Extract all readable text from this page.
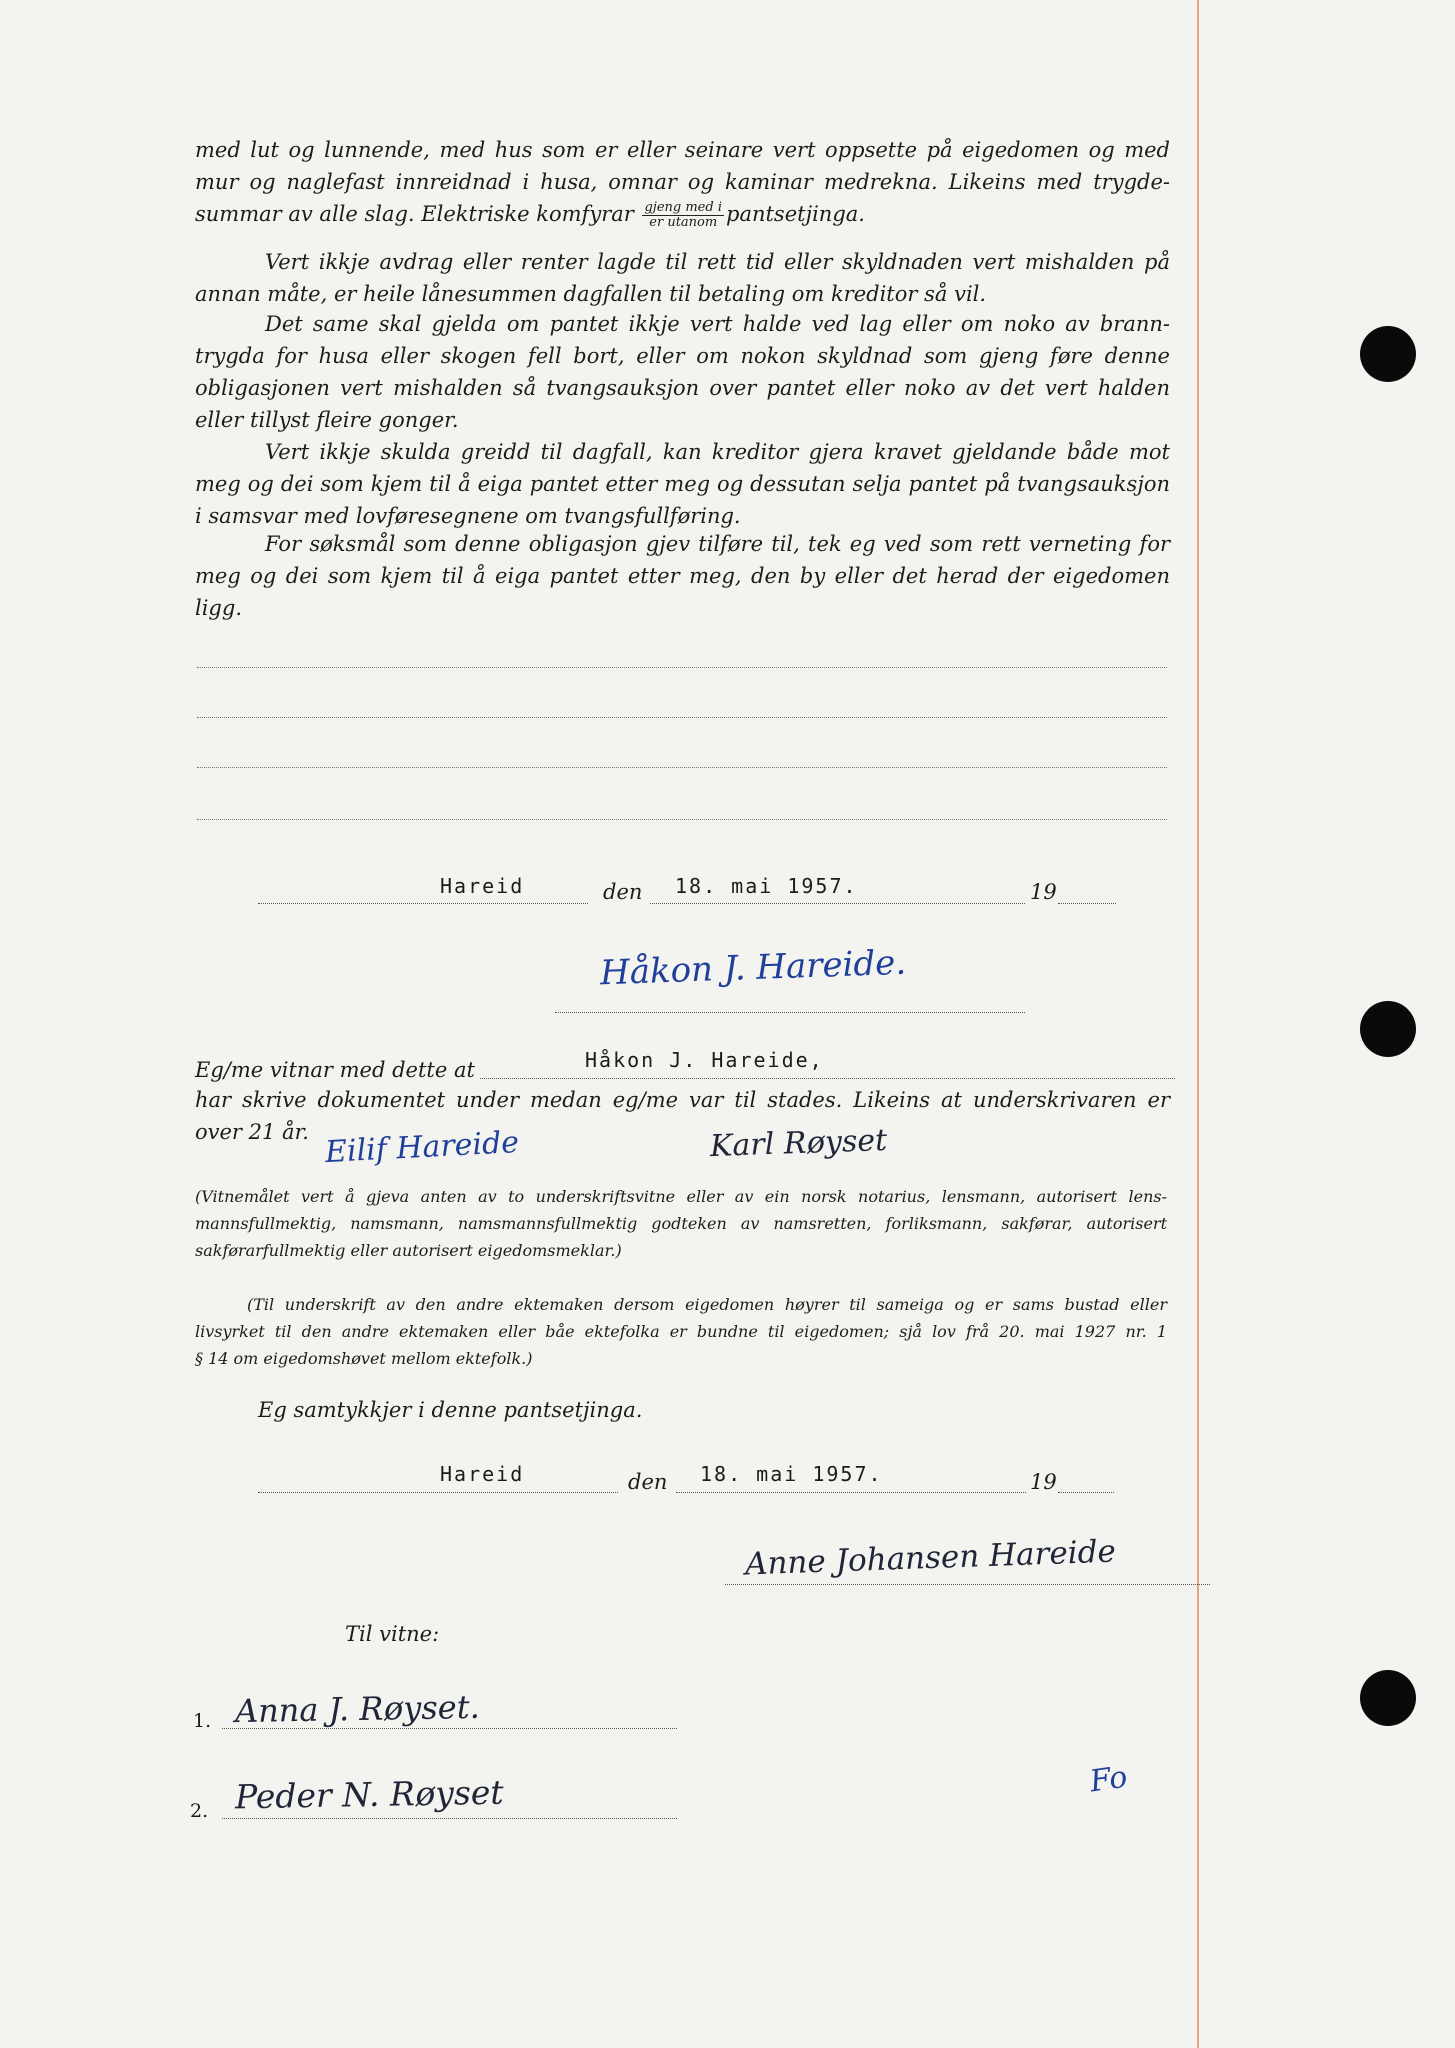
med lut og lunnende, med hus som er eller seinare vert oppsette på eigedomen og med
mur og naglefast innreidnad i husa, omnar og kaminar medrekna. Likeins med trygde-
summar av alle slag. Elektriske komfyrar $\frac{\text{gjeng med i}}{\text{er utanom}}$ pantsetjinga.
Vert ikkje avdrag eller renter lagde til rett tid eller skyldnaden vert mishalden på
annan måte, er heile lånesummen dagfallen til betaling om kreditor så vil.
Det same skal gjelda om pantet ikkje vert halde ved lag eller om noko av brann-
trygda for husa eller skogen fell bort, eller om nokon skyldnad som gjeng føre denne
obligasjonen vert mishalden så tvangsauksjon over pantet eller noko av det vert halden
eller tillyst fleire gonger.
Vert ikkje skulda greidd til dagfall, kan kreditor gjera kravet gjeldande både mot
meg og dei som kjem til å eiga pantet etter meg og dessutan selja pantet på tvangsauksjon
i samsvar med lovføresegnene om tvangsfullføring.
For søksmål som denne obligasjon gjev tilføre til, tek eg ved som rett verneting for
meg og dei som kjem til å eiga pantet etter meg, den by eller det herad der eigedomen
ligg.
Hareid	den 18. mai 1957.	19
Håkon J. Hareide.
Eg/me vitnar med dette at	Håkon J. Hareide,
har skrive dokumentet under medan eg/me var til stades. Likeins at underskrivaren er
over 21 år. Eilif Hareide	Karl Røyset
(Vitnemålet vert å gjeva anten av to underskriftsvitne eller av ein norsk notarius, lensmann, autorisert lens-
mannsfullmektig, namsmann, namsmannsfullmektig godteken av namsretten, forliksmann, sakførar, autorisert
sakførarfullmektig eller autorisert eigedomsmeklar.)
(Til underskrift av den andre ektemaken dersom eigedomen høyrer til sameiga og er sams bustad eller
livsyrket til den andre ektemaken eller båe ektefolka er bundne til eigedomen; sjå lov frå 20. mai 1927 nr. 1
§ 14 om eigedomshøvet mellom ektefolk.)
Eg samtykkjer i denne pantsetjinga.
Hareid	den 18. mai 1957.	19
Anne Johansen Hareide
Til vitne:
1. Anna J. Røyset.
2. Peder N. Røyset	Fo
